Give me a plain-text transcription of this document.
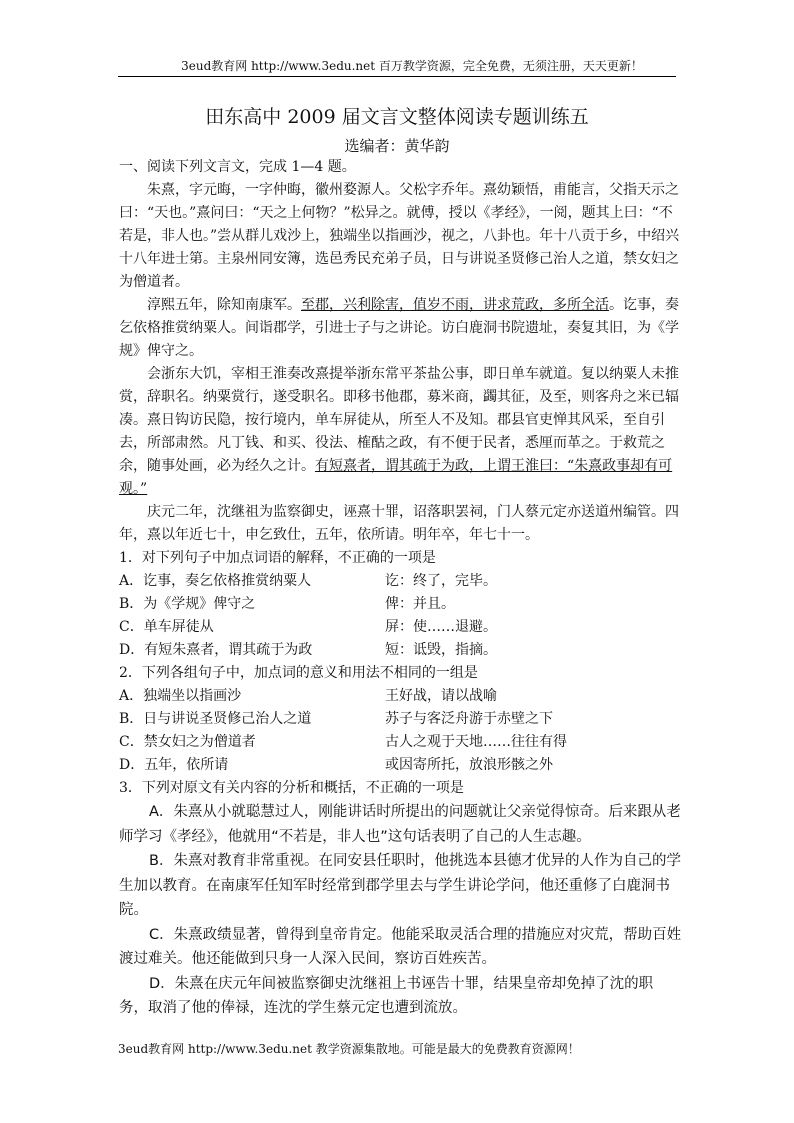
3eud教育网 http://www.3edu.net 百万教学资源，完全免费，无须注册，天天更新！
田东高中 2009 届文言文整体阅读专题训练五
选编者：黄华韵

一、阅读下列文言文，完成 1—4 题。

朱熹，字元晦，一字仲晦，徽州婺源人。父松字乔年。熹幼颖悟，甫能言，父指天示之曰：“天也。”熹问曰：“天之上何物？”松异之。就傅，授以《孝经》，一阅，题其上曰：“不若是，非人也。”尝从群儿戏沙上，独端坐以指画沙，视之，八卦也。年十八贡于乡，中绍兴十八年进士第。主泉州同安簿，选邑秀民充弟子员，日与讲说圣贤修己治人之道，禁女妇之为僧道者。

淳熙五年，除知南康军。至郡，兴利除害，值岁不雨，讲求荒政，多所全活。讫事，奏乞依格推赏纳粟人。间诣郡学，引进士子与之讲论。访白鹿洞书院遗址，奏复其旧，为《学规》俾守之。

会浙东大饥，宰相王淮奏改熹提举浙东常平茶盐公事，即日单车就道。复以纳粟人未推赏，辞职名。纳粟赏行，遂受职名。即移书他郡，募米商，蠲其征，及至，则客舟之米已辐凑。熹日钩访民隐，按行境内，单车屏徒从，所至人不及知。郡县官吏惮其风采，至自引去，所部肃然。凡丁钱、和买、役法、榷酤之政，有不便于民者，悉厘而革之。于救荒之余，随事处画，必为经久之计。有短熹者，谓其疏于为政，上谓王淮曰：“朱熹政事却有可观。”

庆元二年，沈继祖为监察御史，诬熹十罪，诏落职罢祠，门人蔡元定亦送道州编管。四年，熹以年近七十，申乞致仕，五年，依所请。明年卒，年七十一。

1．对下列句子中加点词语的解释，不正确的一项是

A．讫事，奏乞依格推赏纳粟人	讫：终了，完毕。
B．为《学规》俾守之	俾：并且。
C．单车屏徒从	屏：使……退避。
D．有短朱熹者，谓其疏于为政	短：诋毁，指摘。

2．下列各组句子中，加点词的意义和用法不相同的一组是

A．独端坐以指画沙	王好战，请以战喻
B．日与讲说圣贤修己治人之道	苏子与客泛舟游于赤壁之下
C．禁女妇之为僧道者	古人之观于天地……往往有得
D．五年，依所请	或因寄所托，放浪形骸之外

3．下列对原文有关内容的分析和概括，不正确的一项是

A．朱熹从小就聪慧过人，刚能讲话时所提出的问题就让父亲觉得惊奇。后来跟从老师学习《孝经》，他就用“不若是，非人也”这句话表明了自己的人生志趣。

B．朱熹对教育非常重视。在同安县任职时，他挑选本县德才优异的人作为自己的学生加以教育。在南康军任知军时经常到郡学里去与学生讲论学问，他还重修了白鹿洞书院。

C．朱熹政绩显著，曾得到皇帝肯定。他能采取灵活合理的措施应对灾荒，帮助百姓渡过难关。他还能做到只身一人深入民间，察访百姓疾苦。

D．朱熹在庆元年间被监察御史沈继祖上书诬告十罪，结果皇帝却免掉了沈的职务，取消了他的俸禄，连沈的学生蔡元定也遭到流放。

3eud教育网 http://www.3edu.net 教学资源集散地。可能是最大的免费教育资源网！
